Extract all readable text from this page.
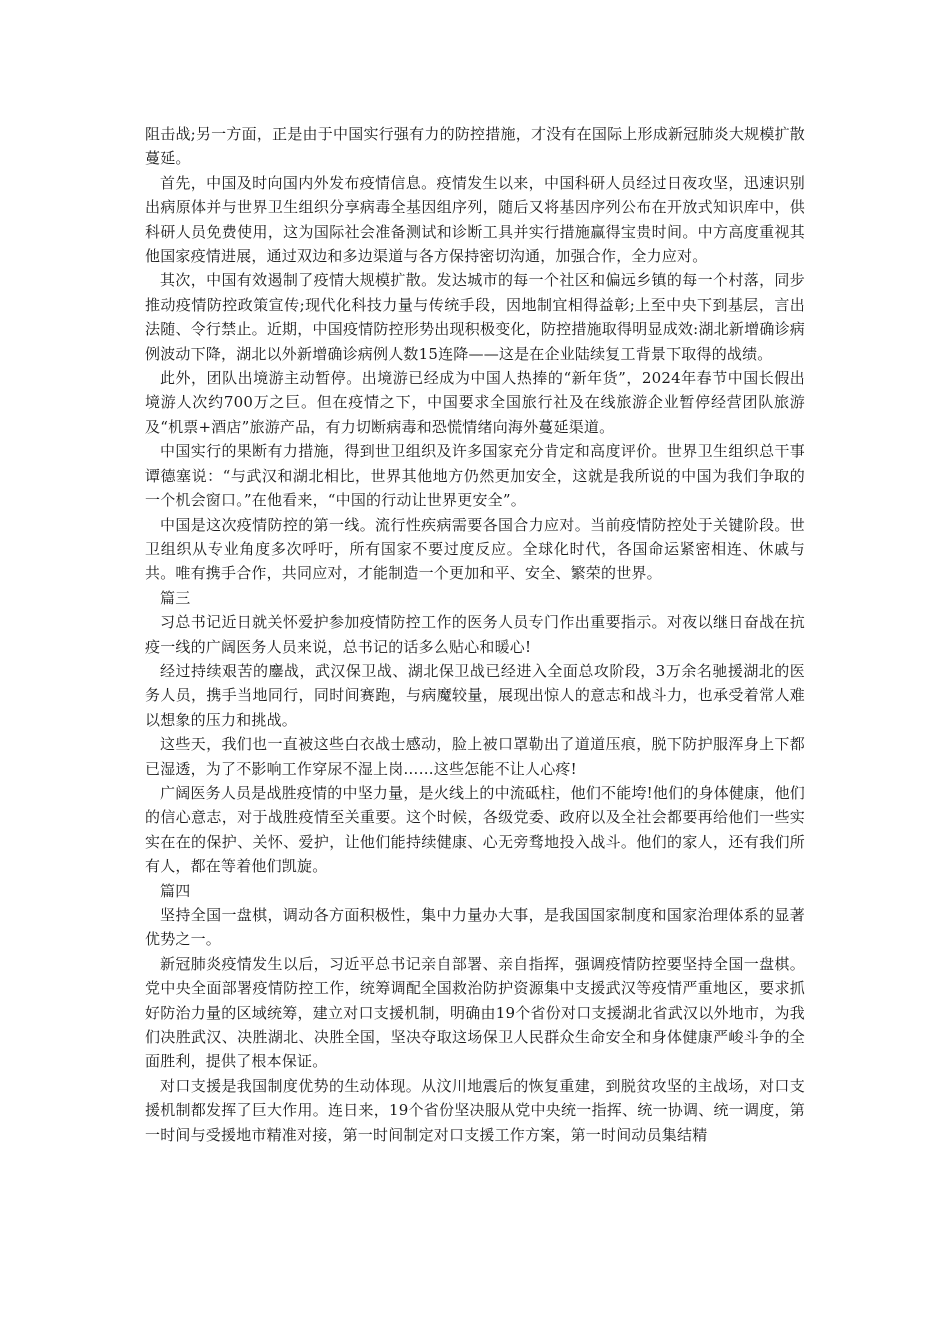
阻击战;另一方面，正是由于中国实行强有力的防控措施，才没有在国际上形成新冠肺炎大规模扩散蔓延。

首先，中国及时向国内外发布疫情信息。疫情发生以来，中国科研人员经过日夜攻坚，迅速识别出病原体并与世界卫生组织分享病毒全基因组序列，随后又将基因序列公布在开放式知识库中，供科研人员免费使用，这为国际社会准备测试和诊断工具并实行措施赢得宝贵时间。中方高度重视其他国家疫情进展，通过双边和多边渠道与各方保持密切沟通，加强合作，全力应对。

其次，中国有效遏制了疫情大规模扩散。发达城市的每一个社区和偏远乡镇的每一个村落，同步推动疫情防控政策宣传;现代化科技力量与传统手段，因地制宜相得益彰;上至中央下到基层，言出法随、令行禁止。近期，中国疫情防控形势出现积极变化，防控措施取得明显成效:湖北新增确诊病例波动下降，湖北以外新增确诊病例人数15连降——这是在企业陆续复工背景下取得的战绩。

此外，团队出境游主动暂停。出境游已经成为中国人热捧的“新年货”，2024年春节中国长假出境游人次约700万之巨。但在疫情之下，中国要求全国旅行社及在线旅游企业暂停经营团队旅游及“机票+酒店”旅游产品，有力切断病毒和恐慌情绪向海外蔓延渠道。

中国实行的果断有力措施，得到世卫组织及许多国家充分肯定和高度评价。世界卫生组织总干事谭德塞说：“与武汉和湖北相比，世界其他地方仍然更加安全，这就是我所说的中国为我们争取的一个机会窗口。”在他看来，“中国的行动让世界更安全”。

中国是这次疫情防控的第一线。流行性疾病需要各国合力应对。当前疫情防控处于关键阶段。世卫组织从专业角度多次呼吁，所有国家不要过度反应。全球化时代，各国命运紧密相连、休戚与共。唯有携手合作，共同应对，才能制造一个更加和平、安全、繁荣的世界。

篇三

习总书记近日就关怀爱护参加疫情防控工作的医务人员专门作出重要指示。对夜以继日奋战在抗疫一线的广阔医务人员来说，总书记的话多么贴心和暖心!

经过持续艰苦的鏖战，武汉保卫战、湖北保卫战已经进入全面总攻阶段，3万余名驰援湖北的医务人员，携手当地同行，同时间赛跑，与病魔较量，展现出惊人的意志和战斗力，也承受着常人难以想象的压力和挑战。

这些天，我们也一直被这些白衣战士感动，脸上被口罩勒出了道道压痕，脱下防护服浑身上下都已湿透，为了不影响工作穿尿不湿上岗……这些怎能不让人心疼!

广阔医务人员是战胜疫情的中坚力量，是火线上的中流砥柱，他们不能垮!他们的身体健康，他们的信心意志，对于战胜疫情至关重要。这个时候，各级党委、政府以及全社会都要再给他们一些实实在在的保护、关怀、爱护，让他们能持续健康、心无旁骛地投入战斗。他们的家人，还有我们所有人，都在等着他们凯旋。

篇四

坚持全国一盘棋，调动各方面积极性，集中力量办大事，是我国国家制度和国家治理体系的显著优势之一。

新冠肺炎疫情发生以后，习近平总书记亲自部署、亲自指挥，强调疫情防控要坚持全国一盘棋。党中央全面部署疫情防控工作，统筹调配全国救治防护资源集中支援武汉等疫情严重地区，要求抓好防治力量的区域统筹，建立对口支援机制，明确由19个省份对口支援湖北省武汉以外地市，为我们决胜武汉、决胜湖北、决胜全国，坚决夺取这场保卫人民群众生命安全和身体健康严峻斗争的全面胜利，提供了根本保证。

对口支援是我国制度优势的生动体现。从汶川地震后的恢复重建，到脱贫攻坚的主战场，对口支援机制都发挥了巨大作用。连日来，19个省份坚决服从党中央统一指挥、统一协调、统一调度，第一时间与受援地市精准对接，第一时间制定对口支援工作方案，第一时间动员集结精
